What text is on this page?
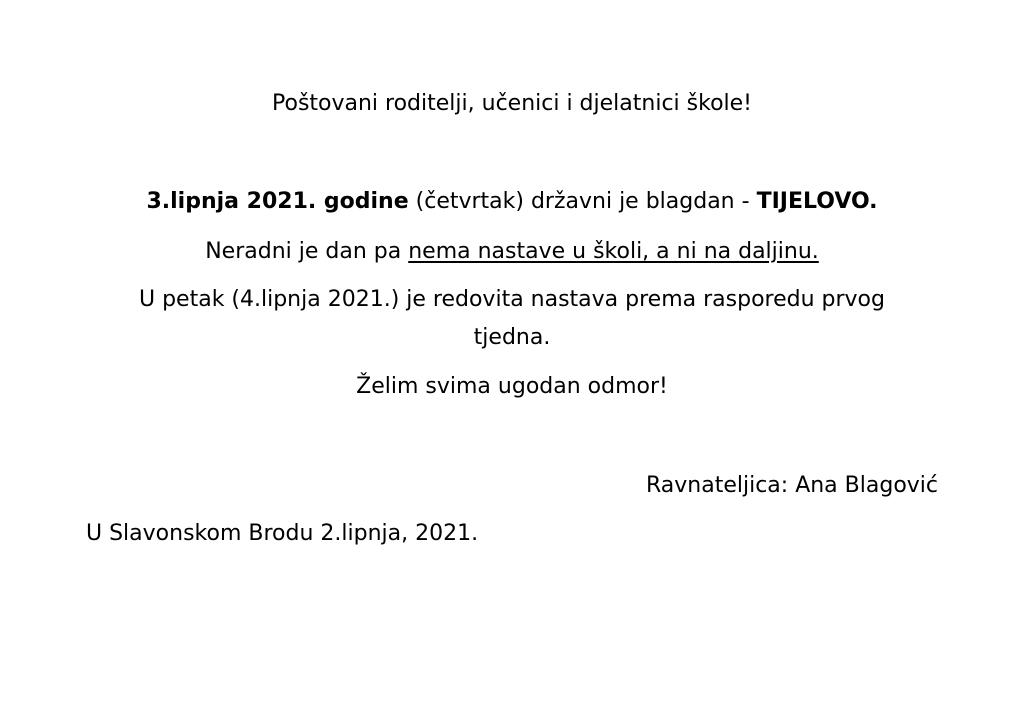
Poštovani roditelji, učenici i djelatnici škole!
3.lipnja 2021. godine (četvrtak) državni je blagdan - TIJELOVO.
Neradni je dan pa nema nastave u školi, a ni na daljinu.
U petak (4.lipnja 2021.) je redovita nastava prema rasporedu prvog
tjedna.
Želim svima ugodan odmor!
Ravnateljica: Ana Blagović
U Slavonskom Brodu 2.lipnja, 2021.
